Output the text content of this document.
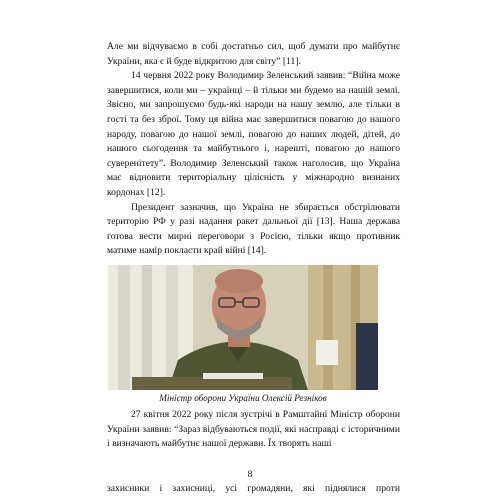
Але ми відчуваємо в собі достатньо сил, щоб думати про майбутнє України, яка є й буде відкритою для світу” [11].

14 червня 2022 року Володимир Зеленський заявив: “Війна може завершитися, коли ми – українці – й тільки ми будемо на нашій землі. Звісно, ми запрошуємо будь-які народи на нашу землю, але тільки в гості та без зброї. Тому ця війна має завершитися повагою до нашого народу, повагою до нашої землі, повагою до наших людей, дітей, до нашого сьогодення та майбутнього і, нарешті, повагою до нашого суверенітету”. Володимир Зеленський також наголосив, що Україна має відновити територіальну цілісність у міжнародно визнаних кордонах [12].

Президент зазначив, що Україна не збирається обстрілювати територію РФ у разі надання ракет дальньої дії [13]. Наша держава готова вести мирні переговори з Росією, тільки якщо противник матиме намір покласти край війні [14].

Міністр оборони України Олексій Резніков

27 квітня 2022 року після зустрічі в Рамштайні Міністр оборони України заявив: “Зараз відбуваються події, які насправді є історичними і визначають майбутнє нашої держави. Їх творять наші

8
захисники і захисниці, усі громадяни, які піднялися проти
